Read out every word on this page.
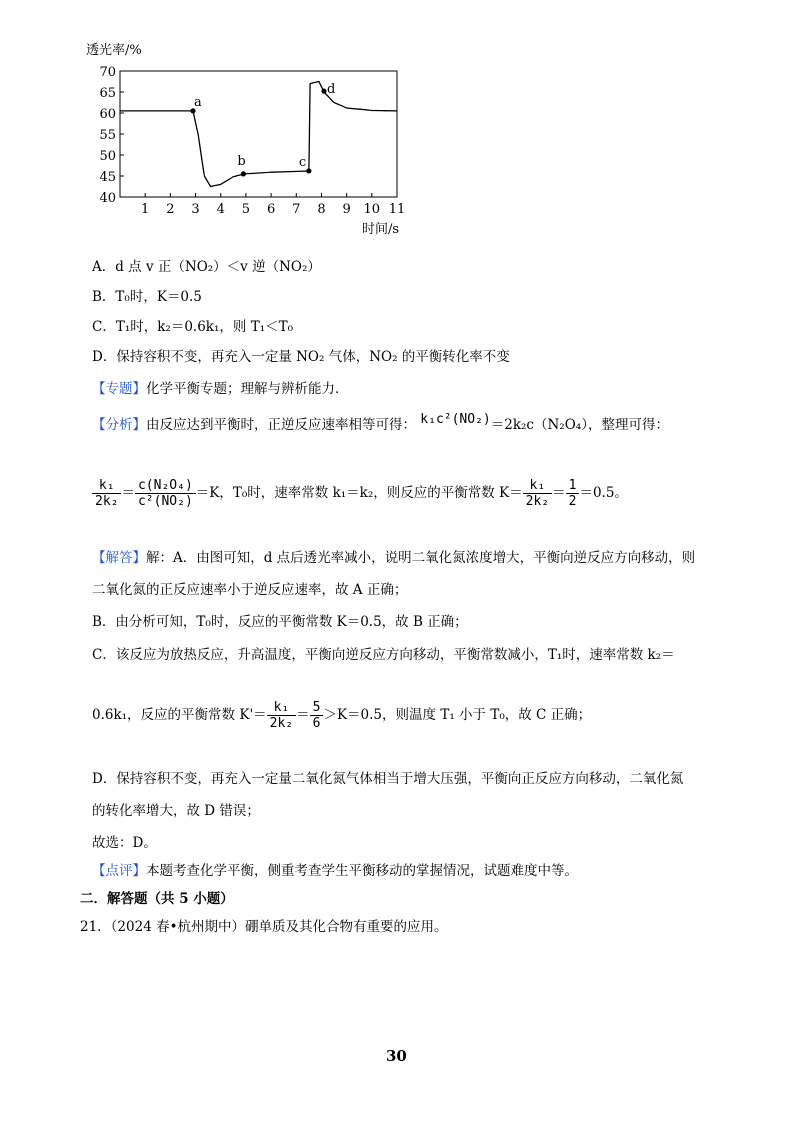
透光率/%
时间/s
1 2 3 4 5 6 7 8 9 10 11
40
45
50
55
60
65
70
a
b	c
d
A．d 点 v 正（NO₂）＜v 逆（NO₂）
B．T₀时，K＝0.5
C．T₁时，k₂＝0.6k₁，则 T₁＜T₀
D．保持容积不变，再充入一定量 NO₂ 气体，NO₂ 的平衡转化率不变
【专题】化学平衡专题；理解与辨析能力．
【分析】由反应达到平衡时，正逆反应速率相等可得： k₁c²(NO₂)＝2k₂c（N₂O₄），整理可得：
$\frac{\text{k₁}}{\text{2k₂}} = \frac{\text{c(N₂O₄)}}{\text{c²(NO₂)}} =K$，T₀时，速率常数 k₁＝k₂，则反应的平衡常数 $K= \frac{\text{k₁}}{\text{2k₂}} = \frac{1}{2} =0.5$。
【解答】解：A．由图可知，d 点后透光率减小，说明二氧化氮浓度增大，平衡向逆反应方向移动，则
二氧化氮的正反应速率小于逆反应速率，故 A 正确；
B．由分析可知，T₀时，反应的平衡常数 K＝0.5，故 B 正确；
C．该反应为放热反应，升高温度，平衡向逆反应方向移动，平衡常数减小，T₁时，速率常数 k₂＝
0.6k₁，反应的平衡常数 $K'= \frac{\text{k₁}}{\text{2k₂}} = \frac{5}{6} >K=0.5$，则温度 T₁ 小于 T₀，故 C 正确；
D．保持容积不变，再充入一定量二氧化氮气体相当于增大压强，平衡向正反应方向移动，二氧化氮
的转化率增大，故 D 错误；
故选：D。
【点评】本题考查化学平衡，侧重考查学生平衡移动的掌握情况，试题难度中等。
二．解答题（共 5 小题）
21．（2024 春•杭州期中）硼单质及其化合物有重要的应用。
30
